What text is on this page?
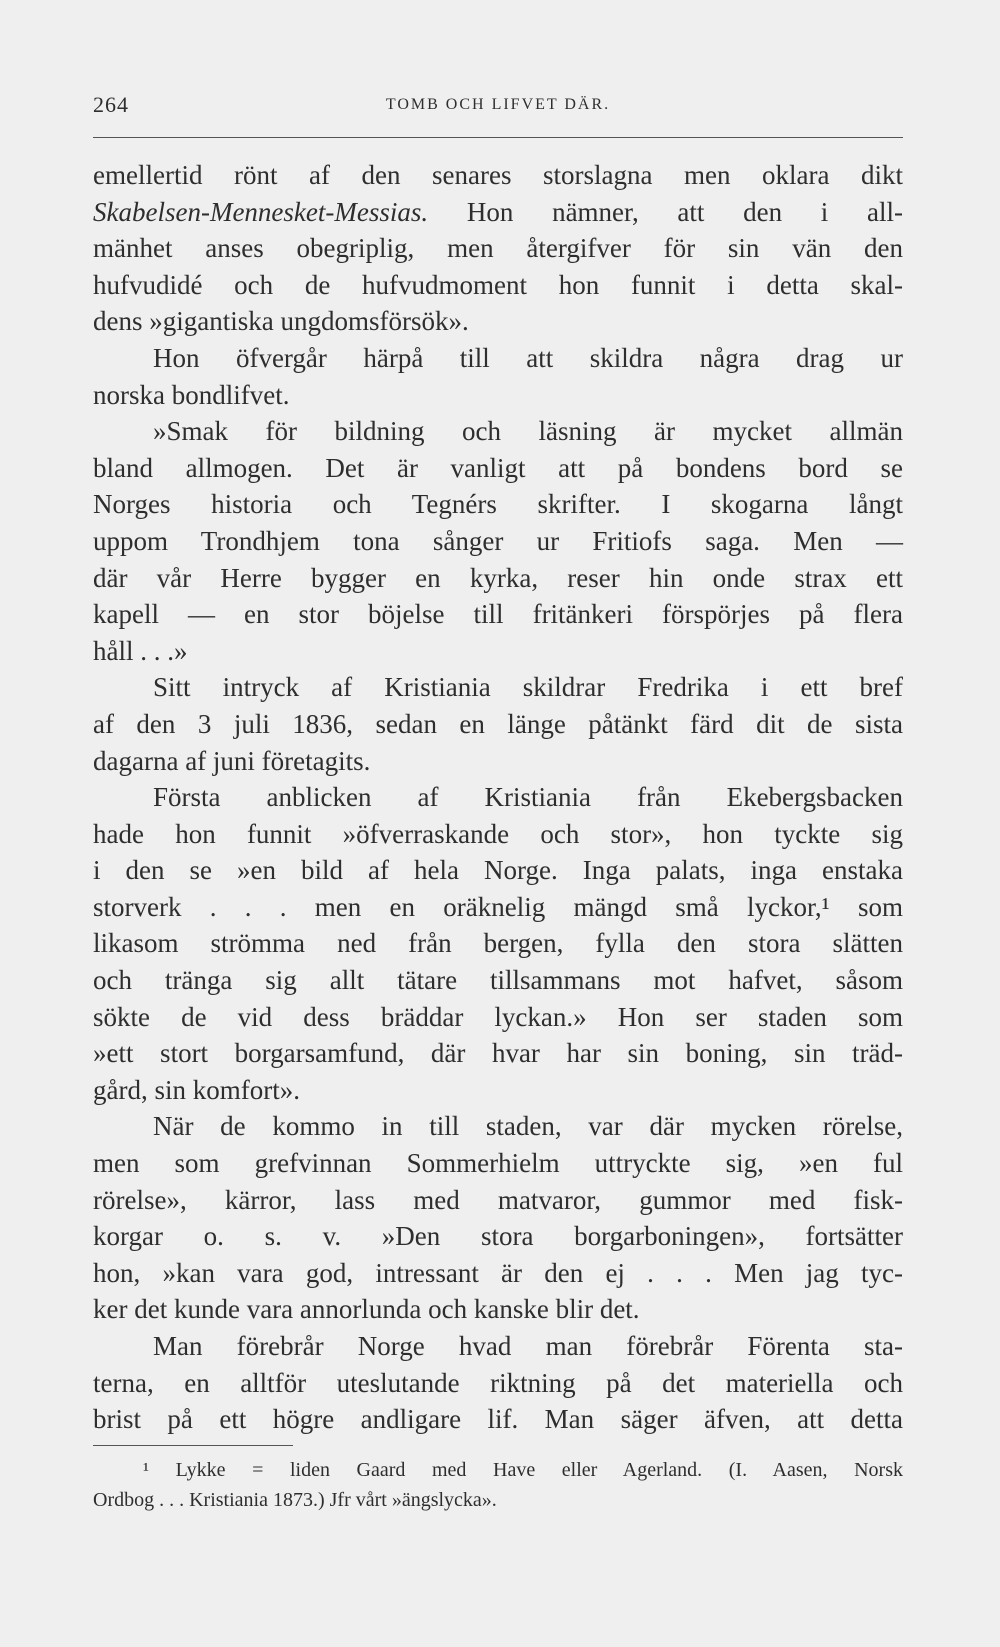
264	TOMB OCH LIFVET DÄR.
emellertid rönt af den senares storslagna men oklara dikt
Skabelsen-Mennesket-Messias. Hon nämner, att den i all-
mänhet anses obegriplig, men återgifver för sin vän den
hufvudidé och de hufvudmoment hon funnit i detta skal-
dens »gigantiska ungdomsförsök».
Hon öfvergår härpå till att skildra några drag ur
norska bondlifvet.
»Smak för bildning och läsning är mycket allmän
bland allmogen. Det är vanligt att på bondens bord se
Norges historia och Tegnérs skrifter. I skogarna långt
uppom Trondhjem tona sånger ur Fritiofs saga. Men —
där vår Herre bygger en kyrka, reser hin onde strax ett
kapell — en stor böjelse till fritänkeri förspörjes på flera
håll . . .»
Sitt intryck af Kristiania skildrar Fredrika i ett bref
af den 3 juli 1836, sedan en länge påtänkt färd dit de sista
dagarna af juni företagits.
Första anblicken af Kristiania från Ekebergsbacken
hade hon funnit »öfverraskande och stor», hon tyckte sig
i den se »en bild af hela Norge. Inga palats, inga enstaka
storverk . . . men en oräknelig mängd små lyckor,¹ som
likasom strömma ned från bergen, fylla den stora slätten
och tränga sig allt tätare tillsammans mot hafvet, såsom
sökte de vid dess bräddar lyckan.» Hon ser staden som
»ett stort borgarsamfund, där hvar har sin boning, sin träd-
gård, sin komfort».
När de kommo in till staden, var där mycken rörelse,
men som grefvinnan Sommerhielm uttryckte sig, »en ful
rörelse», kärror, lass med matvaror, gummor med fisk-
korgar o. s. v. »Den stora borgarboningen», fortsätter
hon, »kan vara god, intressant är den ej . . . Men jag tyc-
ker det kunde vara annorlunda och kanske blir det.
Man förebrår Norge hvad man förebrår Förenta sta-
terna, en alltför uteslutande riktning på det materiella och
brist på ett högre andligare lif. Man säger äfven, att detta
¹ Lykke = liden Gaard med Have eller Agerland. (I. Aasen, Norsk
Ordbog . . . Kristiania 1873.) Jfr vårt »ängslycka».
